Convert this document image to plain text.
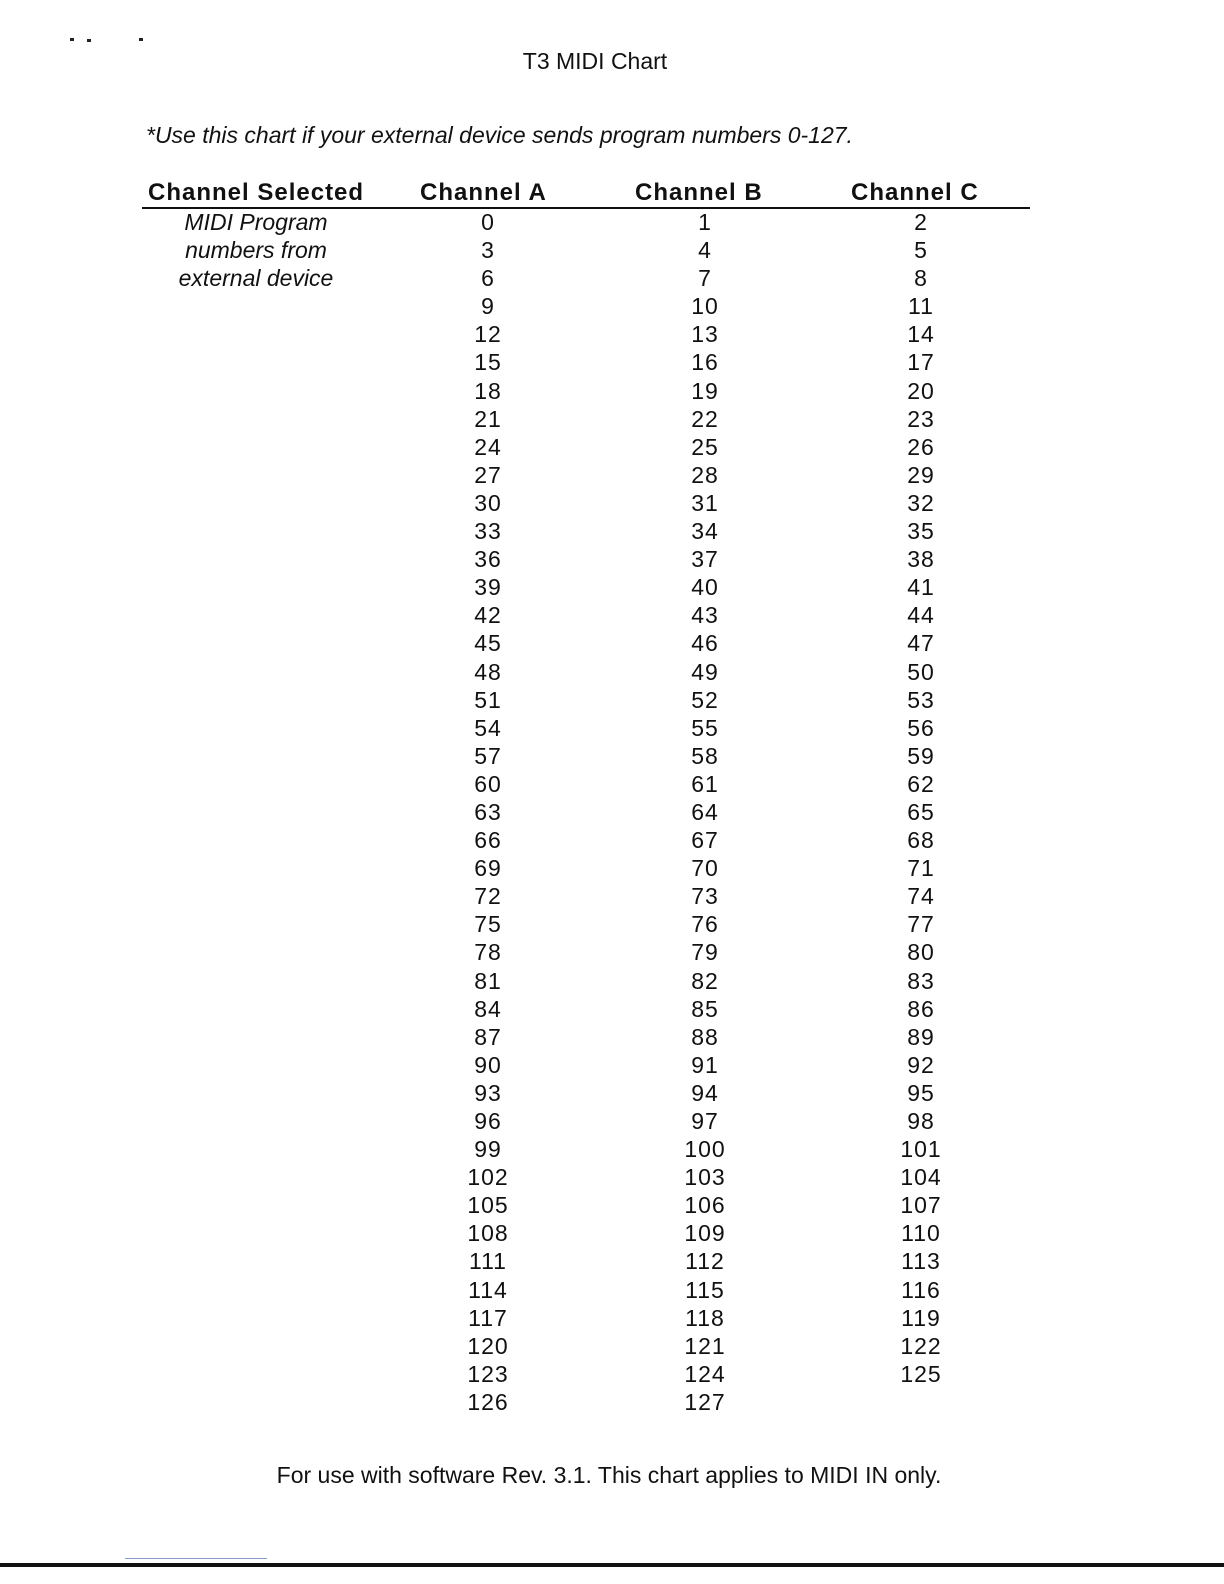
T3 MIDI Chart
*Use this chart if your external device sends program numbers 0-127.
Channel Selected Channel A	Channel B	Channel C
MIDI Program
numbers from
external device
0
3
6
9
12
15
18
21
24
27
30
33
36
39
42
45
48
51
54
57
60
63
66
69
72
75
78
81
84
87
90
93
96
99
102
105
108
111
114
117
120
123
126
1
4
7
10
13
16
19
22
25
28
31
34
37
40
43
46
49
52
55
58
61
64
67
70
73
76
79
82
85
88
91
94
97
100
103
106
109
112
115
118
121
124
127
2
5
8
11
14
17
20
23
26
29
32
35
38
41
44
47
50
53
56
59
62
65
68
71
74
77
80
83
86
89
92
95
98
101
104
107
110
113
116
119
122
125
For use with software Rev. 3.1. This chart applies to MIDI IN only.
